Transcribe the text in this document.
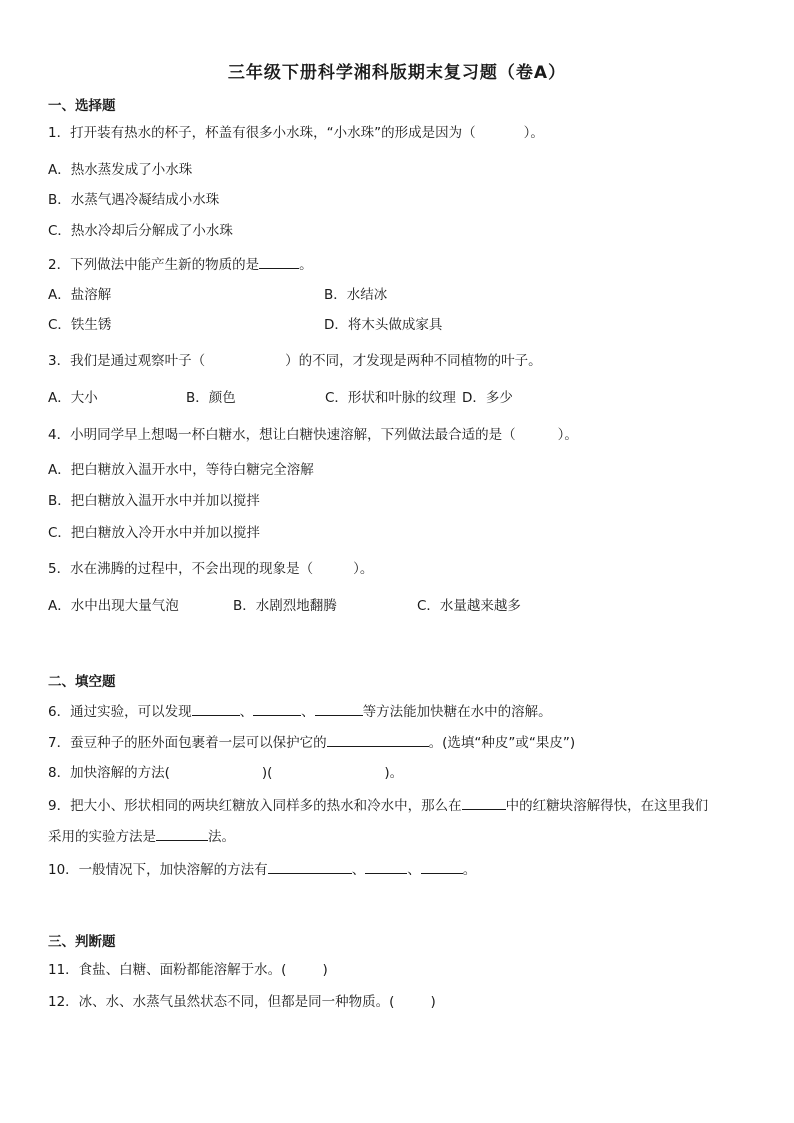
三年级下册科学湘科版期末复习题（卷A）
一、选择题
1．打开装有热水的杯子，杯盖有很多小水珠，“小水珠”的形成是因为（	）。
A．热水蒸发成了小水珠
B．水蒸气遇冷凝结成小水珠
C．热水冷却后分解成了小水珠
2．下列做法中能产生新的物质的是	。
A．盐溶解	B．水结冰
C．铁生锈	D．将木头做成家具
3．我们是通过观察叶子（	）的不同，才发现是两种不同植物的叶子。
A．大小	B．颜色	C．形状和叶脉的纹理 D．多少
4．小明同学早上想喝一杯白糖水，想让白糖快速溶解，下列做法最合适的是（	）。
A．把白糖放入温开水中，等待白糖完全溶解
B．把白糖放入温开水中并加以搅拌
C．把白糖放入冷开水中并加以搅拌
5．水在沸腾的过程中，不会出现的现象是（	）。
A．水中出现大量气泡	B．水剧烈地翻腾	C．水量越来越多
二、填空题
6．通过实验，可以发现	、	、	等方法能加快糖在水中的溶解。
7．蚕豆种子的胚外面包裹着一层可以保护它的	。(选填“种皮”或“果皮”)
8．加快溶解的方法(	)(	)。
9．把大小、形状相同的两块红糖放入同样多的热水和冷水中，那么在	中的红糖块溶解得快，在这里我们
采用的实验方法是	法。
10．一般情况下，加快溶解的方法有	、	、	。
三、判断题
11．食盐、白糖、面粉都能溶解于水。(	)
12．冰、水、水蒸气虽然状态不同，但都是同一种物质。(	)
